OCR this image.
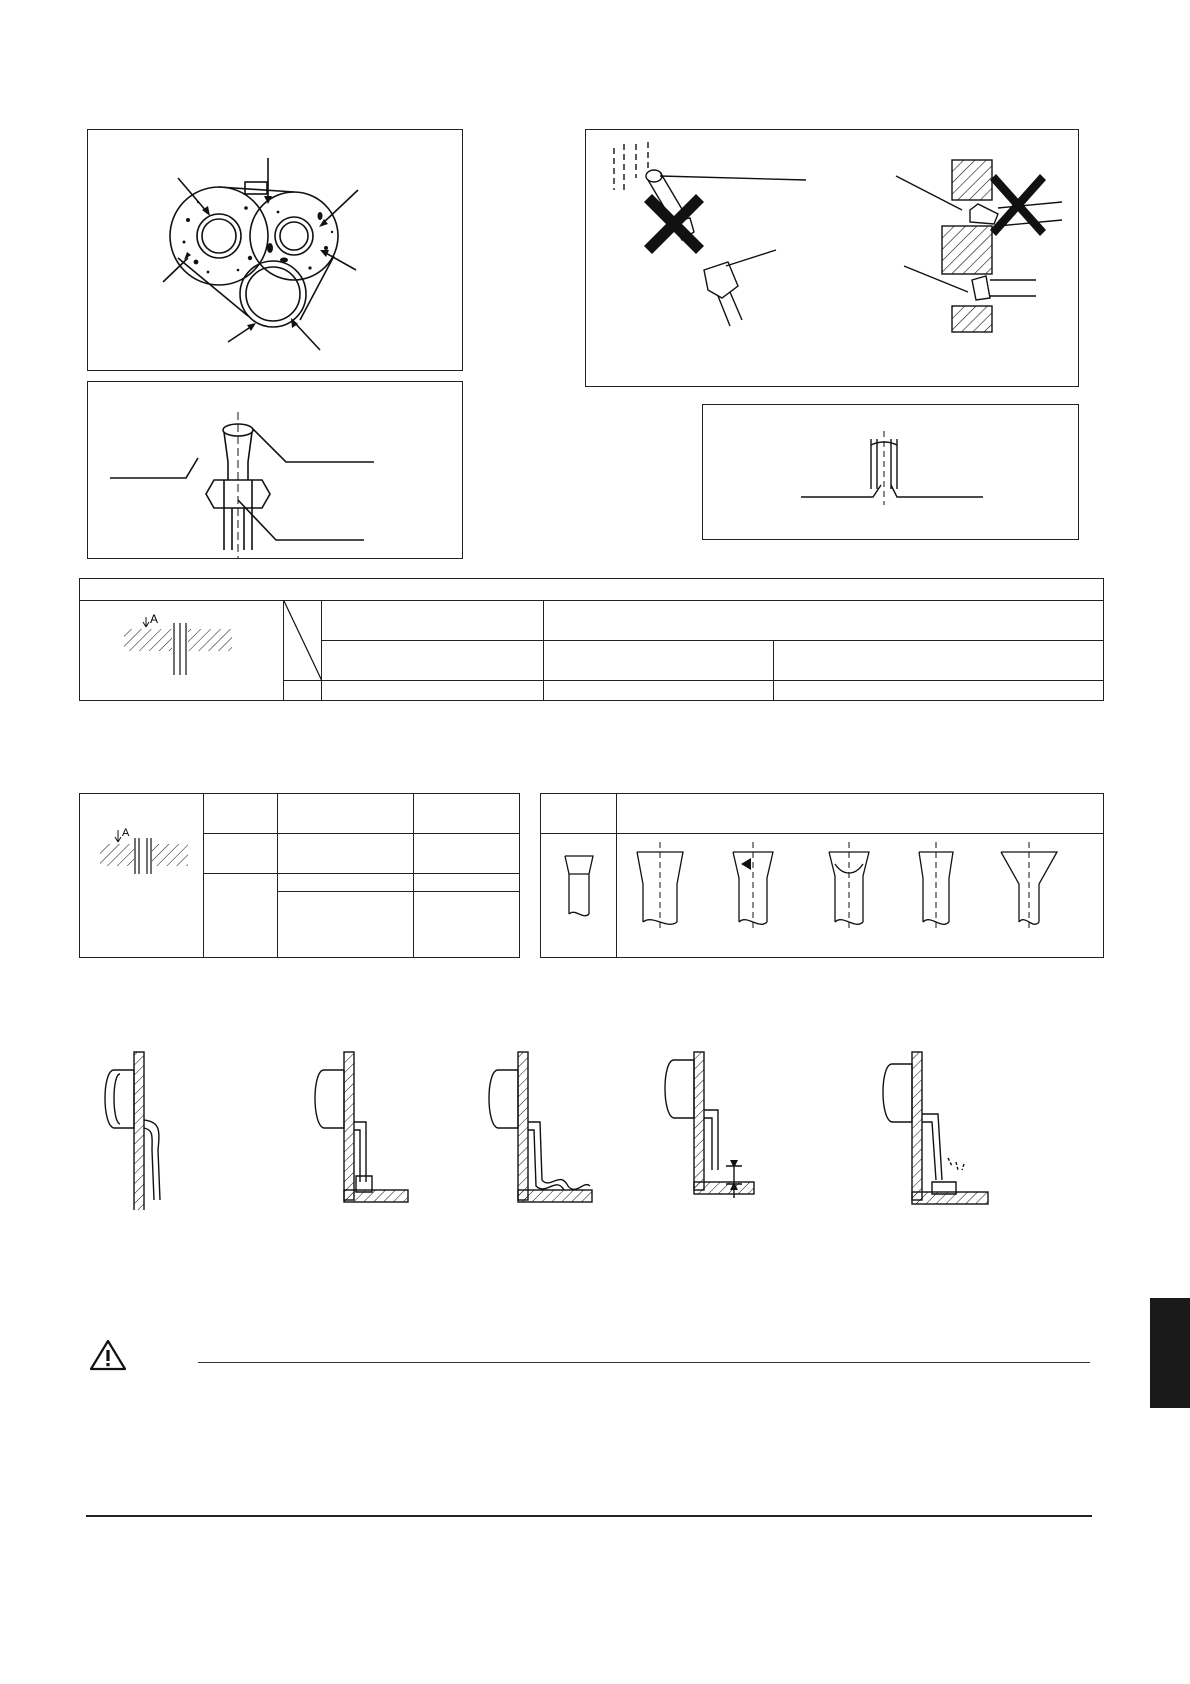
A

A			
